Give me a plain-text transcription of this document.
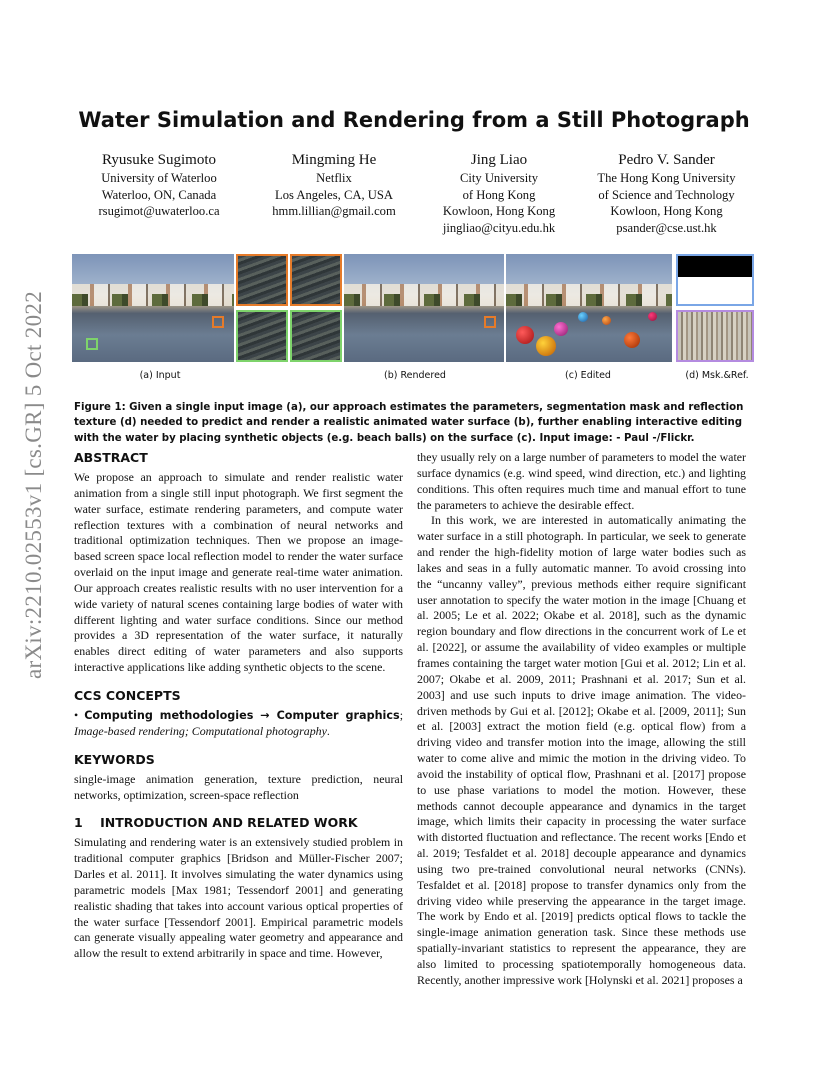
arXiv:2210.02553v1 [cs.GR] 5 Oct 2022
Water Simulation and Rendering from a Still Photograph
Ryusuke Sugimoto
University of Waterloo
Waterloo, ON, Canada
rsugimot@uwaterloo.ca
Mingming He
Netflix
Los Angeles, CA, USA
hmm.lillian@gmail.com
Jing Liao
City University
of Hong Kong
Kowloon, Hong Kong
jingliao@cityu.edu.hk
Pedro V. Sander
The Hong Kong University
of Science and Technology
Kowloon, Hong Kong
psander@cse.ust.hk
(a) Input	(b) Rendered	(c) Edited	(d) Msk.&Ref.

Figure 1: Given a single input image (a), our approach estimates the parameters, segmentation mask and reflection texture (d) needed to predict and render a realistic animated water surface (b), further enabling interactive editing with the water by placing synthetic objects (e.g. beach balls) on the surface (c). Input image: - Paul -/Flickr.

ABSTRACT

We propose an approach to simulate and render realistic water animation from a single still input photograph. We first segment the water surface, estimate rendering parameters, and compute water reflection textures with a combination of neural networks and traditional optimization techniques. Then we propose an image-based screen space local reflection model to render the water surface overlaid on the input image and generate real-time water animation. Our approach creates realistic results with no user intervention for a wide variety of natural scenes containing large bodies of water with different lighting and water surface conditions. Since our method provides a 3D representation of the water surface, it naturally enables direct editing of water parameters and also supports interactive applications like adding synthetic objects to the scene.

CCS CONCEPTS

• Computing methodologies → Computer graphics; Image-based rendering; Computational photography.

KEYWORDS

single-image animation generation, texture prediction, neural networks, optimization, screen-space reflection

1    INTRODUCTION AND RELATED WORK

Simulating and rendering water is an extensively studied problem in traditional computer graphics [Bridson and Müller-Fischer 2007; Darles et al. 2011]. It involves simulating the water dynamics using parametric models [Max 1981; Tessendorf 2001] and generating realistic shading that takes into account various optical properties of the water surface [Tessendorf 2001]. Empirical parametric models can generate visually appealing water geometry and appearance and allow the result to extend arbitrarily in space and time. However,

they usually rely on a large number of parameters to model the water surface dynamics (e.g. wind speed, wind direction, etc.) and lighting conditions. This often requires much time and manual effort to tune the parameters to achieve the desirable effect.

In this work, we are interested in automatically animating the water surface in a still photograph. In particular, we seek to generate and render the high-fidelity motion of large water bodies such as lakes and seas in a fully automatic manner. To avoid crossing into the “uncanny valley”, previous methods either require significant user annotation to specify the water motion in the image [Chuang et al. 2005; Le et al. 2022; Okabe et al. 2018], such as the dynamic region boundary and flow directions in the concurrent work of Le et al. [2022], or assume the availability of video examples or multiple frames containing the target water motion [Gui et al. 2012; Lin et al. 2007; Okabe et al. 2009, 2011; Prashnani et al. 2017; Sun et al. 2003] and use such inputs to drive image animation. The video-driven methods by Gui et al. [2012]; Okabe et al. [2009, 2011]; Sun et al. [2003] extract the motion field (e.g. optical flow) from a driving video and transfer motion into the image, allowing the still water to come alive and mimic the motion in the driving video. To avoid the instability of optical flow, Prashnani et al. [2017] propose to use phase variations to model the motion. However, these methods cannot decouple appearance and dynamics in the target image, which limits their capacity in processing the water surface with distorted fluctuation and reflectance. The recent works [Endo et al. 2019; Tesfaldet et al. 2018] decouple appearance and dynamics using two pre-trained convolutional neural networks (CNNs). Tesfaldet et al. [2018] propose to transfer dynamics only from the driving video while preserving the appearance in the target image. The work by Endo et al. [2019] predicts optical flows to tackle the single-image animation generation task. Since these methods use spatially-invariant statistics to represent the appearance, they are also limited to processing spatiotemporally homogeneous data. Recently, another impressive work [Holynski et al. 2021] proposes a
